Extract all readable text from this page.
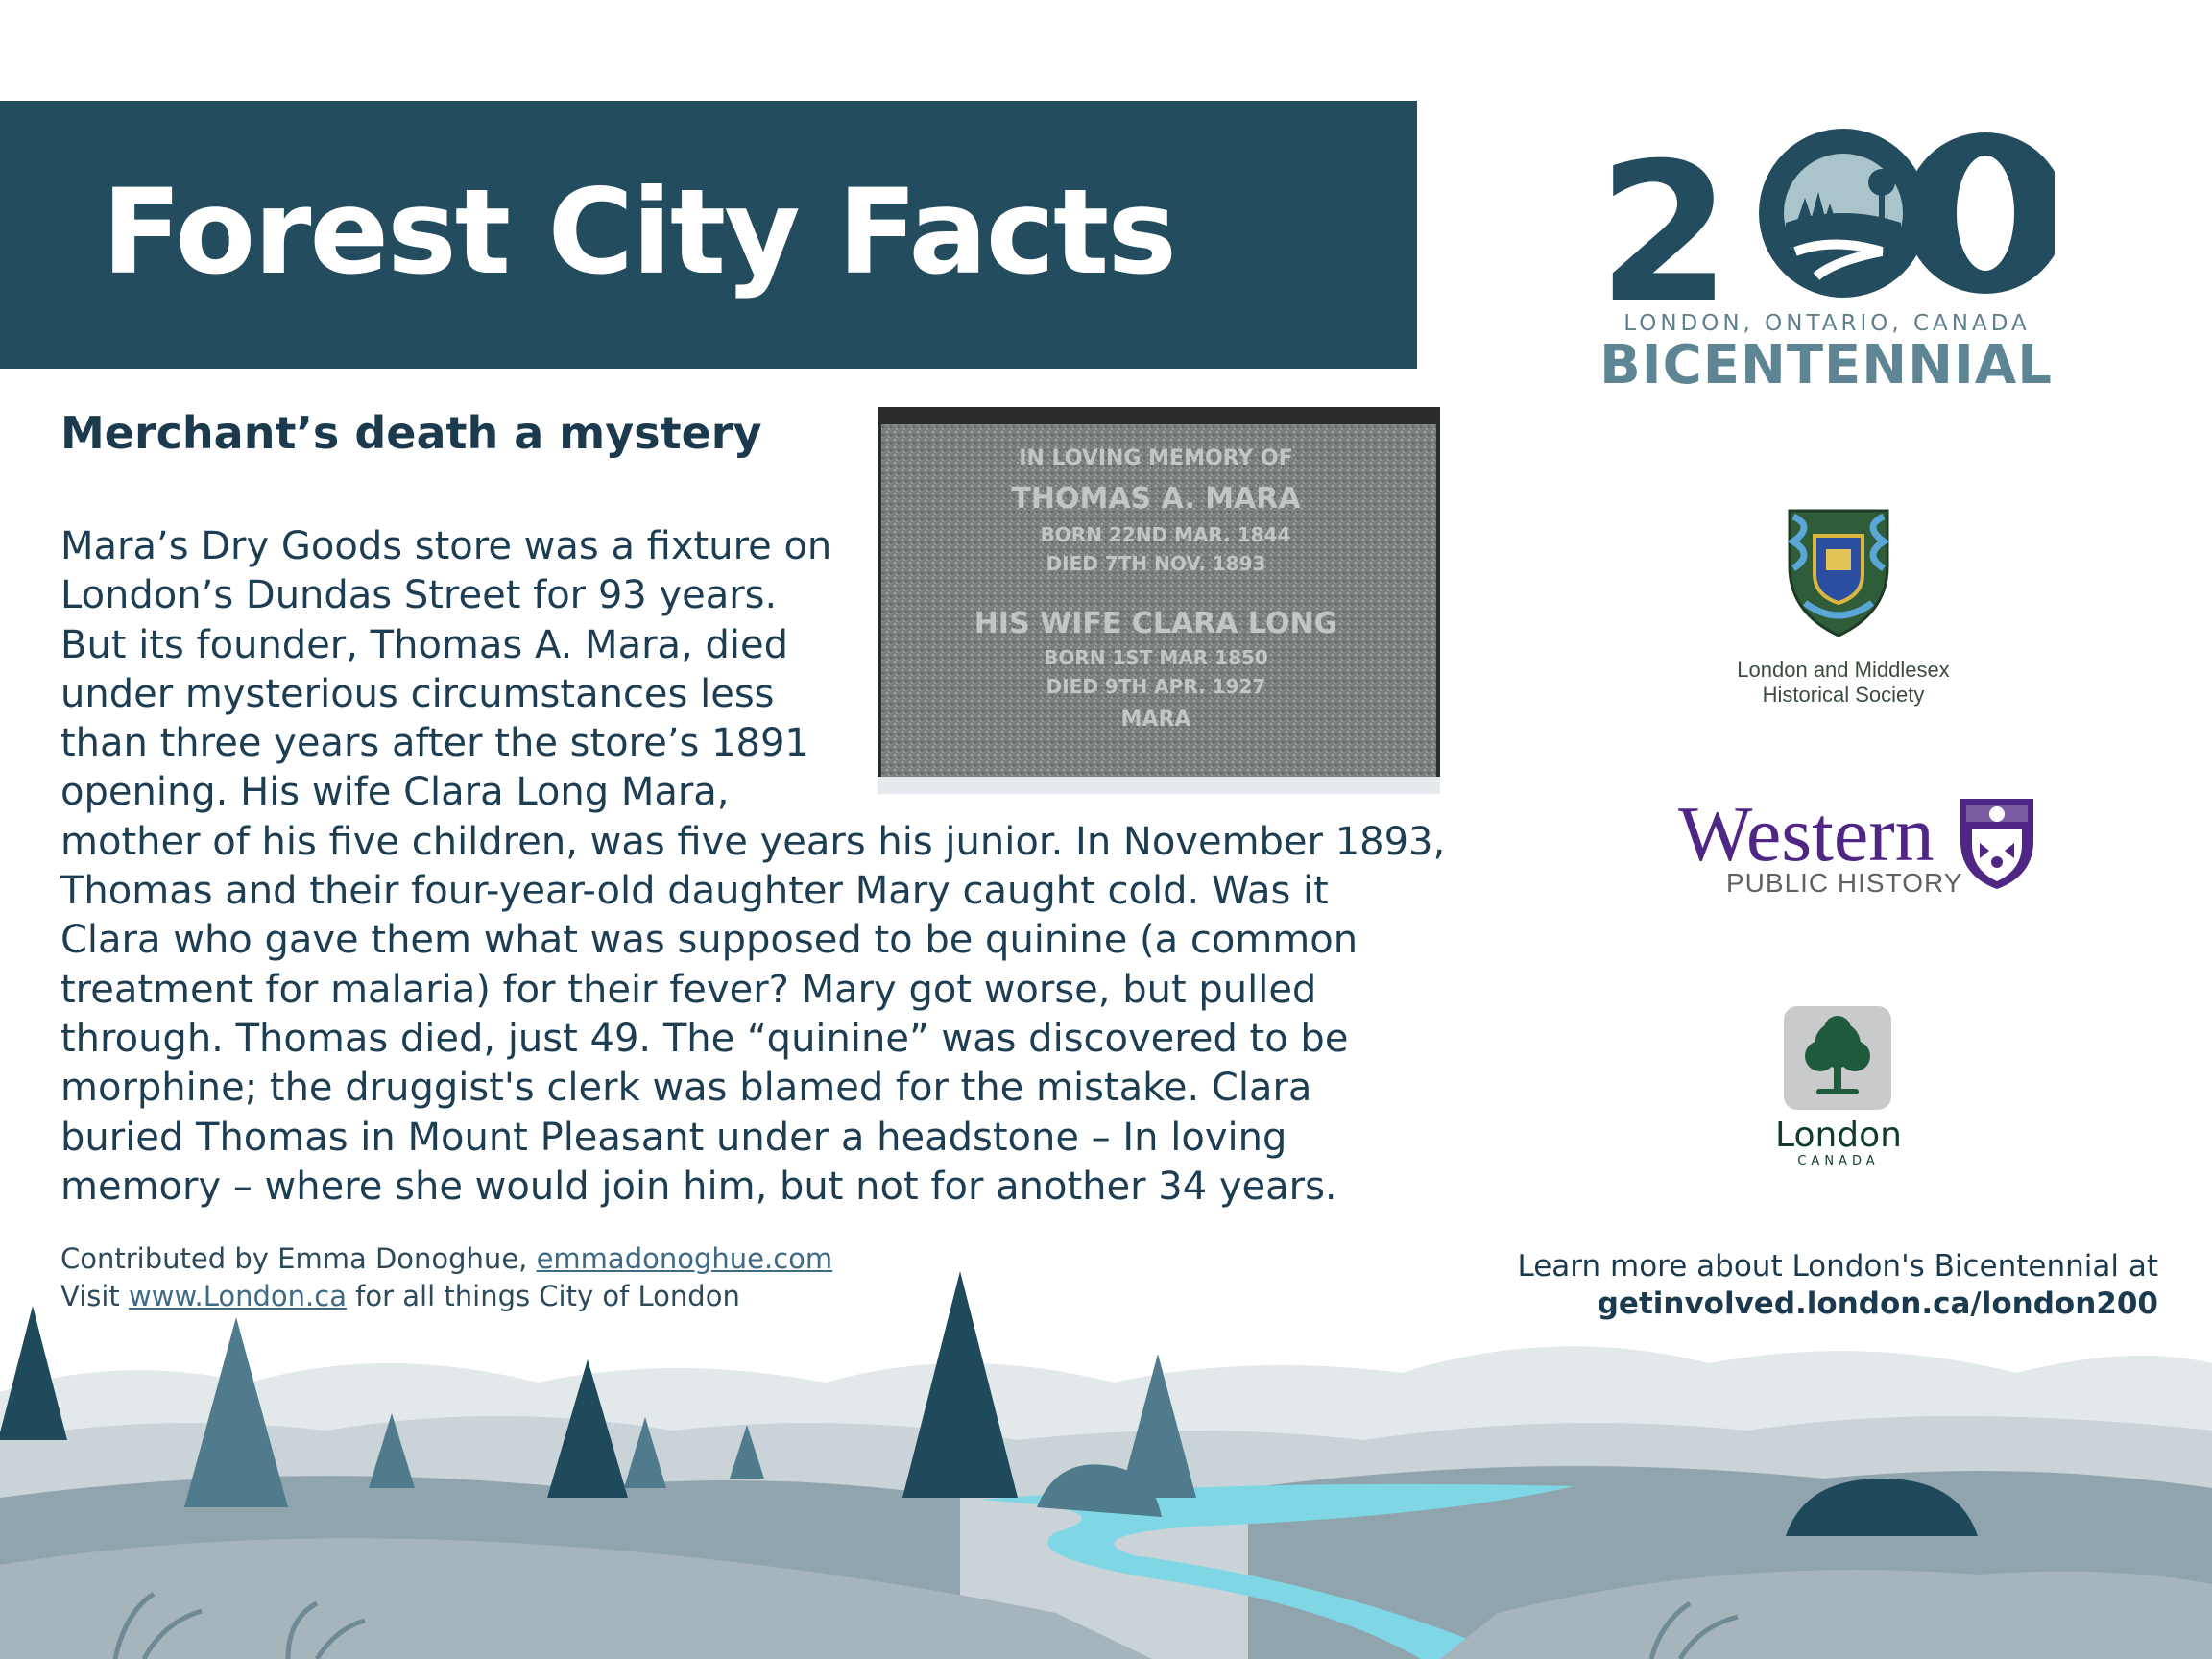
Forest City Facts 2
LONDON, ONTARIO, CANADA
BICENTENNIAL
Merchant’s death a mystery	IN LOVING MEMORY OF
THOMAS A. MARA
BORN 22ND MAR. 1844
DIED 7TH NOV. 1893
HIS WIFE CLARA LONG
BORN 1ST MAR 1850
DIED 9TH APR. 1927
MARA
Mara’s Dry Goods store was a fixture on
London’s Dundas Street for 93 years.
But its founder, Thomas A. Mara, died
under mysterious circumstances less
than three years after the store’s 1891
opening. His wife Clara Long Mara,
mother of his five children, was five years his junior. In November 1893,
Thomas and their four-year-old daughter Mary caught cold. Was it
Clara who gave them what was supposed to be quinine (a common
treatment for malaria) for their fever? Mary got worse, but pulled
through. Thomas died, just 49. The “quinine” was discovered to be
morphine; the druggist's clerk was blamed for the mistake. Clara
buried Thomas in Mount Pleasant under a headstone – In loving
memory – where she would join him, but not for another 34 years.
Contributed by Emma Donoghue, emmadonoghue.com
Visit www.London.ca for all things City of London
Learn more about London's Bicentennial at
getinvolved.london.ca/london200
London and Middlesex
Historical Society
Western
PUBLIC HISTORY
London
CANADA
